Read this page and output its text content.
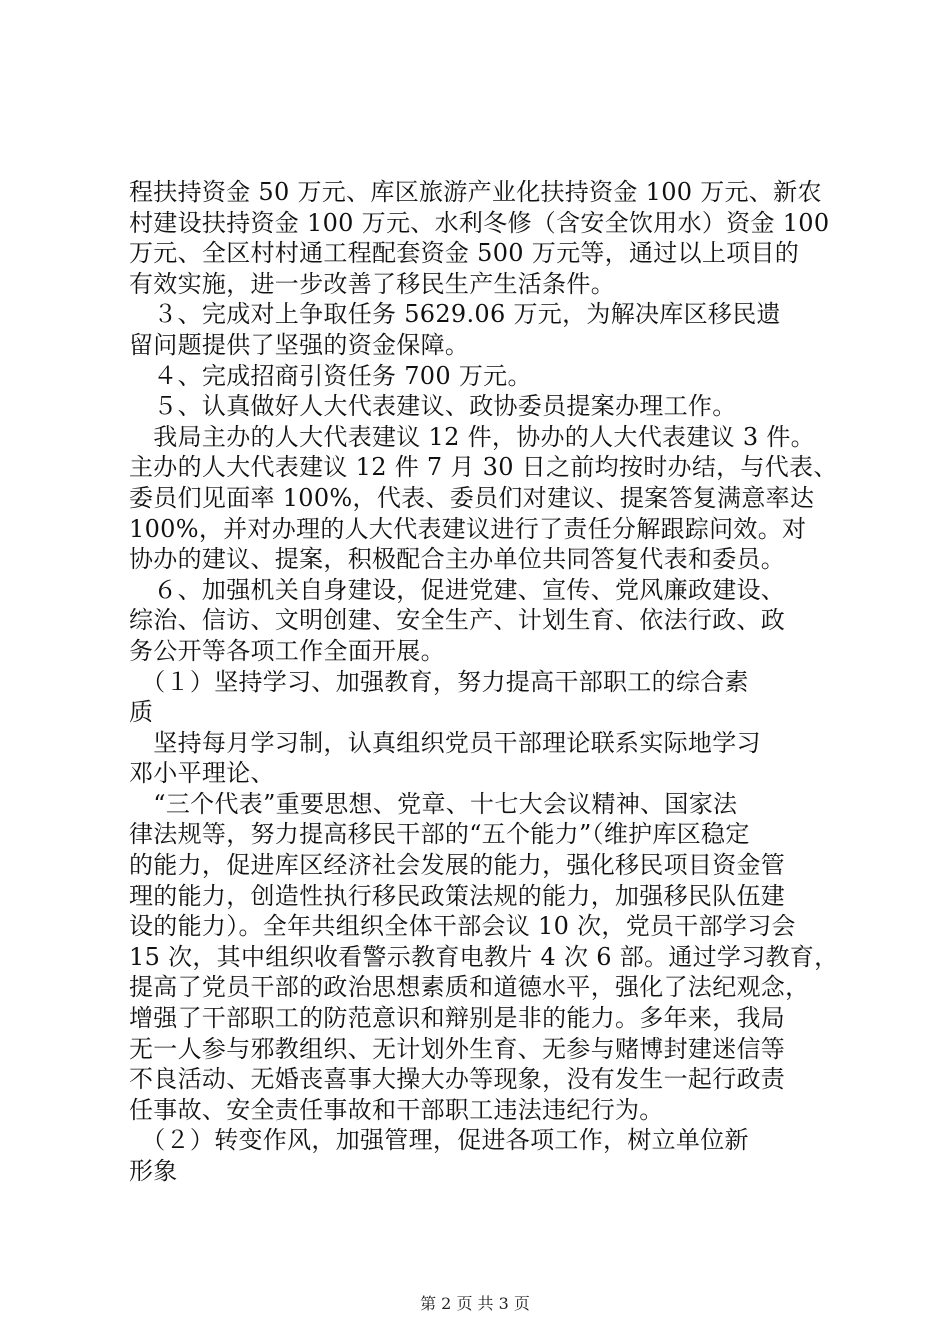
程扶持资金 50 万元、库区旅游产业化扶持资金 100 万元、新农
村建设扶持资金 100 万元、水利冬修（含安全饮用水）资金 100
万元、全区村村通工程配套资金 500 万元等，通过以上项目的
有效实施，进一步改善了移民生产生活条件。
　３、完成对上争取任务 5629.06 万元，为解决库区移民遗
留问题提供了坚强的资金保障。
　４、完成招商引资任务 700 万元。
　５、认真做好人大代表建议、政协委员提案办理工作。
　我局主办的人大代表建议 12 件，协办的人大代表建议 3 件。
主办的人大代表建议 12 件 7 月 30 日之前均按时办结，与代表、
委员们见面率 100%，代表、委员们对建议、提案答复满意率达
100%，并对办理的人大代表建议进行了责任分解跟踪问效。对
协办的建议、提案，积极配合主办单位共同答复代表和委员。
　６、加强机关自身建设，促进党建、宣传、党风廉政建设、
综治、信访、文明创建、安全生产、计划生育、依法行政、政
务公开等各项工作全面开展。
　（１）坚持学习、加强教育，努力提高干部职工的综合素
质
　坚持每月学习制，认真组织党员干部理论联系实际地学习
邓小平理论、
　“三个代表”重要思想、党章、十七大会议精神、国家法
律法规等，努力提高移民干部的“五个能力”（维护库区稳定
的能力，促进库区经济社会发展的能力，强化移民项目资金管
理的能力，创造性执行移民政策法规的能力，加强移民队伍建
设的能力）。全年共组织全体干部会议 10 次，党员干部学习会
15 次，其中组织收看警示教育电教片 4 次 6 部。通过学习教育，
提高了党员干部的政治思想素质和道德水平，强化了法纪观念，
增强了干部职工的防范意识和辩别是非的能力。多年来，我局
无一人参与邪教组织、无计划外生育、无参与赌博封建迷信等
不良活动、无婚丧喜事大操大办等现象，没有发生一起行政责
任事故、安全责任事故和干部职工违法违纪行为。
　（２）转变作风，加强管理，促进各项工作，树立单位新
形象
第 2 页 共 3 页
